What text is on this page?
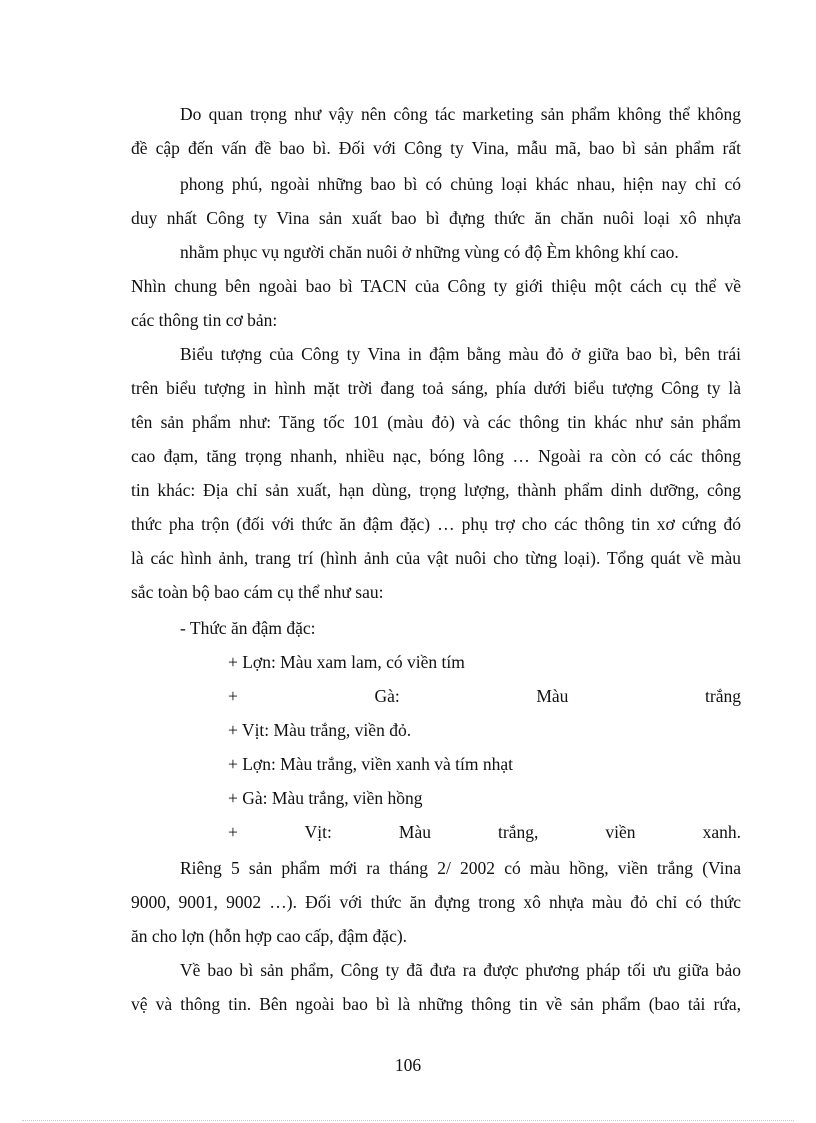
Do quan trọng như vậy nên công tác marketing sản phẩm không thể không
đề cập đến vấn đề bao bì. Đối với Công ty Vina, mẫu mã, bao bì sản phẩm rất
phong phú, ngoài những bao bì có chủng loại khác nhau, hiện nay chỉ có
duy nhất Công ty Vina sản xuất bao bì đựng thức ăn chăn nuôi loại xô nhựa
nhằm phục vụ người chăn nuôi ở những vùng có độ Èm không khí cao.
Nhìn chung bên ngoài bao bì TACN của Công ty giới thiệu một cách cụ thể về
các thông tin cơ bản:
Biểu tượng của Công ty Vina in đậm bằng màu đỏ ở giữa bao bì, bên trái
trên biểu tượng in hình mặt trời đang toả sáng, phía dưới biểu tượng Công ty là
tên sản phẩm như: Tăng tốc 101 (màu đỏ) và các thông tin khác như sản phẩm
cao đạm, tăng trọng nhanh, nhiều nạc, bóng lông … Ngoài ra còn có các thông
tin khác: Địa chỉ sản xuất, hạn dùng, trọng lượng, thành phẩm dinh dưỡng, công
thức pha trộn (đối với thức ăn đậm đặc) … phụ trợ cho các thông tin xơ cứng đó
là các hình ảnh, trang trí (hình ảnh của vật nuôi cho từng loại). Tổng quát về màu
sắc toàn bộ bao cám cụ thể như sau:
- Thức ăn đậm đặc:
+ Lợn: Màu xam lam, có viền tím
+ Gà: Màu trắng
+ Vịt: Màu trắng, viền đỏ.
+ Lợn: Màu trắng, viền xanh và tím nhạt
+ Gà: Màu trắng, viền hồng
+ Vịt: Màu trắng, viền xanh.
Riêng 5 sản phẩm mới ra tháng 2/ 2002 có màu hồng, viền trắng (Vina
9000, 9001, 9002 …). Đối với thức ăn đựng trong xô nhựa màu đỏ chỉ có thức
ăn cho lợn (hỗn hợp cao cấp, đậm đặc).
Về bao bì sản phẩm, Công ty đã đưa ra được phương pháp tối ưu giữa bảo
vệ và thông tin. Bên ngoài bao bì là những thông tin về sản phẩm (bao tải rứa,
106
